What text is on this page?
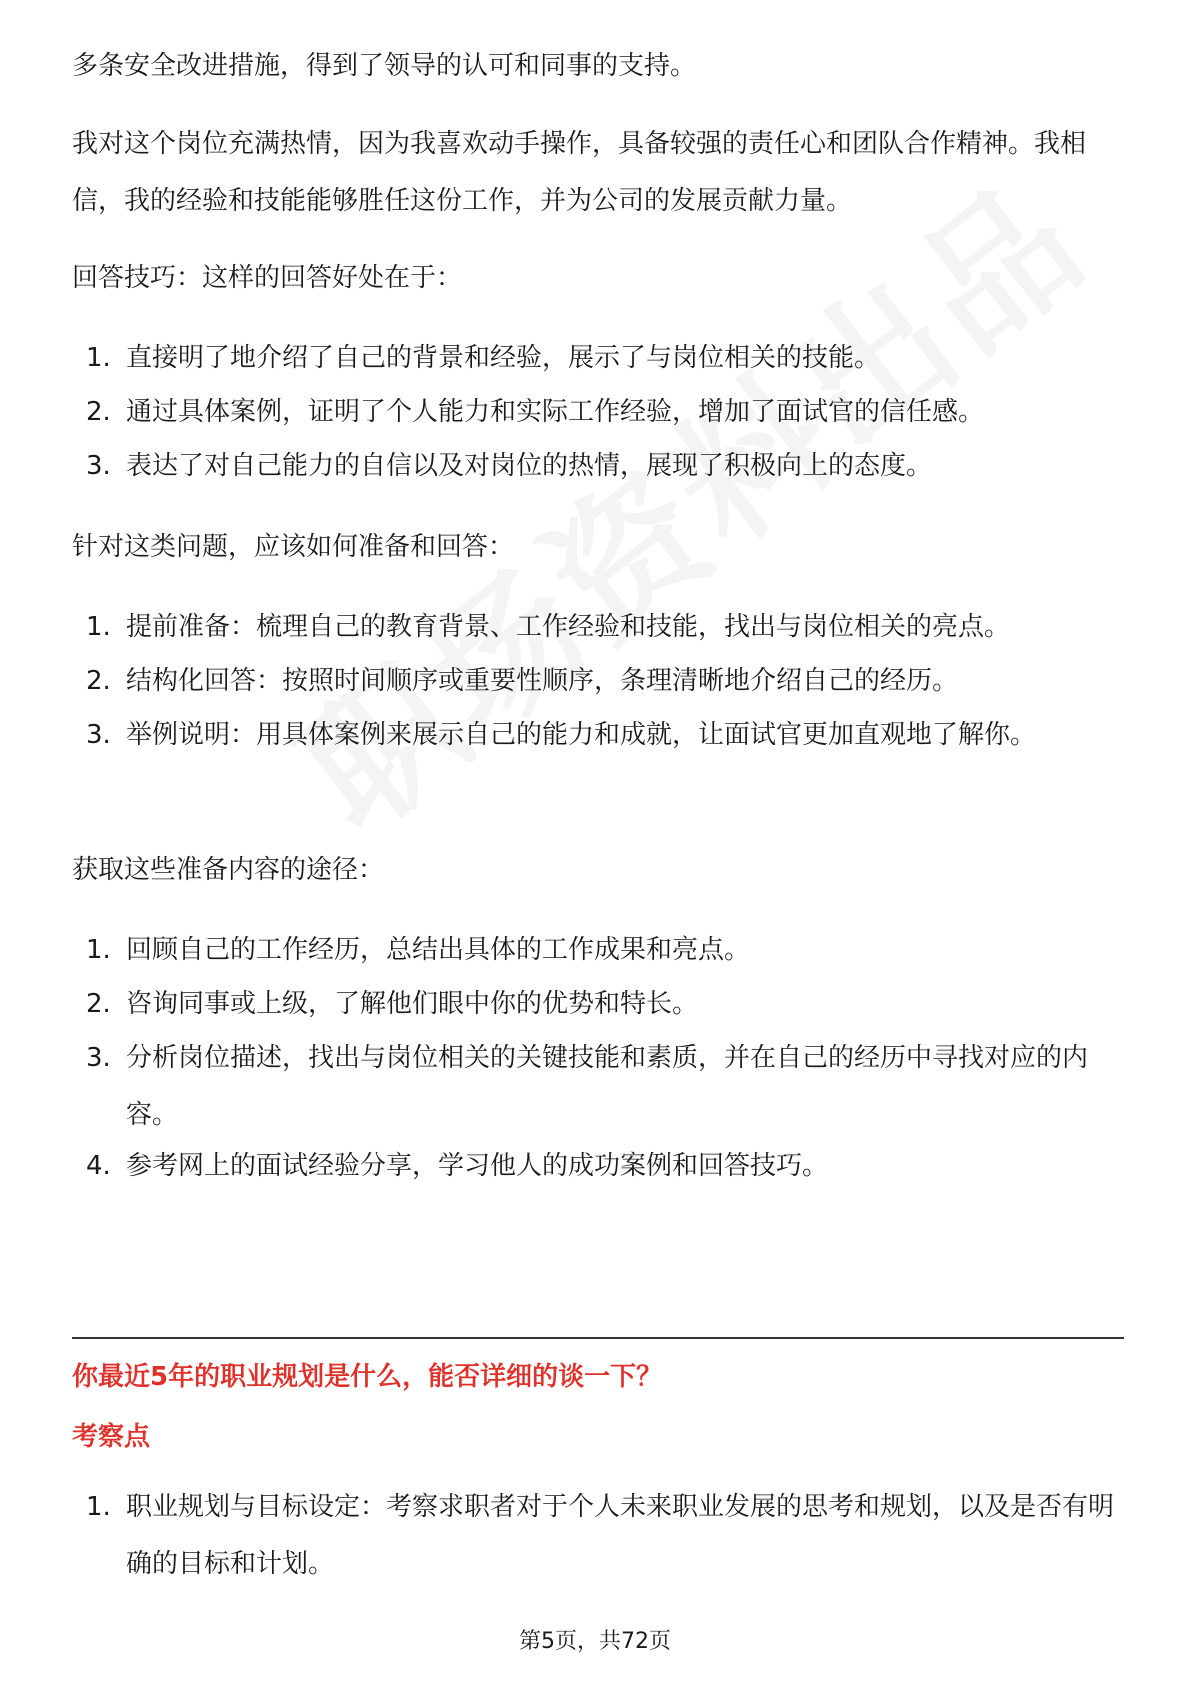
多条安全改进措施，得到了领导的认可和同事的支持。

我对这个岗位充满热情，因为我喜欢动手操作，具备较强的责任心和团队合作精神。我相信，我的经验和技能能够胜任这份工作，并为公司的发展贡献力量。

回答技巧：这样的回答好处在于：

1. 直接明了地介绍了自己的背景和经验，展示了与岗位相关的技能。
2. 通过具体案例，证明了个人能力和实际工作经验，增加了面试官的信任感。
3. 表达了对自己能力的自信以及对岗位的热情，展现了积极向上的态度。

针对这类问题，应该如何准备和回答：

1. 提前准备：梳理自己的教育背景、工作经验和技能，找出与岗位相关的亮点。
2. 结构化回答：按照时间顺序或重要性顺序，条理清晰地介绍自己的经历。
3. 举例说明：用具体案例来展示自己的能力和成就，让面试官更加直观地了解你。

获取这些准备内容的途径：

1. 回顾自己的工作经历，总结出具体的工作成果和亮点。
2. 咨询同事或上级，了解他们眼中你的优势和特长。
3. 分析岗位描述，找出与岗位相关的关键技能和素质，并在自己的经历中寻找对应的内容。
4. 参考网上的面试经验分享，学习他人的成功案例和回答技巧。
你最近5年的职业规划是什么，能否详细的谈一下？
考察点
1. 职业规划与目标设定：考察求职者对于个人未来职业发展的思考和规划，以及是否有明确的目标和计划。
第5页，共72页
